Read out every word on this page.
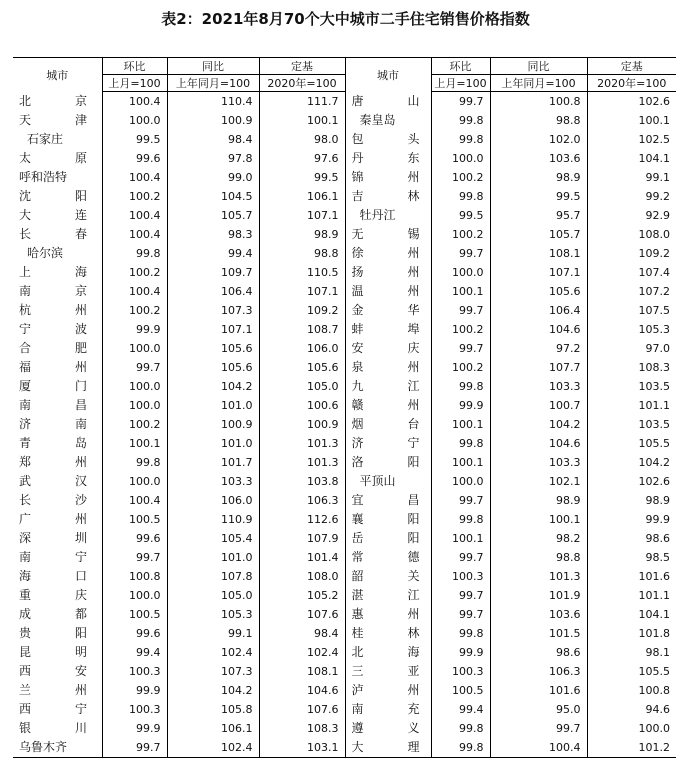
表2：2021年8月70个大中城市二手住宅销售价格指数
城市	环比	同比	定基	城市	环比	同比	定基
	上月=100	上年同月=100	2020年=100		上月=100	上年同月=100	2020年=100

北 京	100.4	110.4	111.7	唐 山	99.7	100.8	102.6

天 津	100.0	100.9	100.1	秦皇岛	99.8	98.8	100.1

石家庄	99.5	98.4	98.0	包 头	99.8	102.0	102.5

太 原	99.6	97.8	97.6	丹 东	100.0	103.6	104.1

呼和浩特	100.4	99.0	99.5	锦 州	100.2	98.9	99.1

沈 阳	100.2	104.5	106.1	吉 林	99.8	99.5	99.2

大 连	100.4	105.7	107.1	牡丹江	99.5	95.7	92.9

长 春	100.4	98.3	98.9	无 锡	100.2	105.7	108.0

哈尔滨	99.8	99.4	98.8	徐 州	99.7	108.1	109.2

上 海	100.2	109.7	110.5	扬 州	100.0	107.1	107.4

南 京	100.4	106.4	107.1	温 州	100.1	105.6	107.2

杭 州	100.2	107.3	109.2	金 华	99.7	106.4	107.5

宁 波	99.9	107.1	108.7	蚌 埠	100.2	104.6	105.3

合 肥	100.0	105.6	106.0	安 庆	99.7	97.2	97.0

福 州	99.7	105.6	105.6	泉 州	100.2	107.7	108.3

厦 门	100.0	104.2	105.0	九 江	99.8	103.3	103.5

南 昌	100.0	101.0	100.6	赣 州	99.9	100.7	101.1

济 南	100.2	100.9	100.9	烟 台	100.1	104.2	103.5

青 岛	100.1	101.0	101.3	济 宁	99.8	104.6	105.5

郑 州	99.8	101.7	101.3	洛 阳	100.1	103.3	104.2

武 汉	100.0	103.3	103.8	平顶山	100.0	102.1	102.6

长 沙	100.4	106.0	106.3	宜 昌	99.7	98.9	98.9

广 州	100.5	110.9	112.6	襄 阳	99.8	100.1	99.9

深 圳	99.6	105.4	107.9	岳 阳	100.1	98.2	98.6

南 宁	99.7	101.0	101.4	常 德	99.7	98.8	98.5

海 口	100.8	107.8	108.0	韶 关	100.3	101.3	101.6

重 庆	100.0	105.0	105.2	湛 江	99.7	101.9	101.1

成 都	100.5	105.3	107.6	惠 州	99.7	103.6	104.1

贵 阳	99.6	99.1	98.4	桂 林	99.8	101.5	101.8

昆 明	99.4	102.4	102.4	北 海	99.9	98.6	98.1

西 安	100.3	107.3	108.1	三 亚	100.3	106.3	105.5

兰 州	99.9	104.2	104.6	泸 州	100.5	101.6	100.8

西 宁	100.3	105.8	107.6	南 充	99.4	95.0	94.6

银 川	99.9	106.1	108.3	遵 义	99.8	99.7	100.0

乌鲁木齐	99.7	102.4	103.1	大 理	99.8	100.4	101.2
